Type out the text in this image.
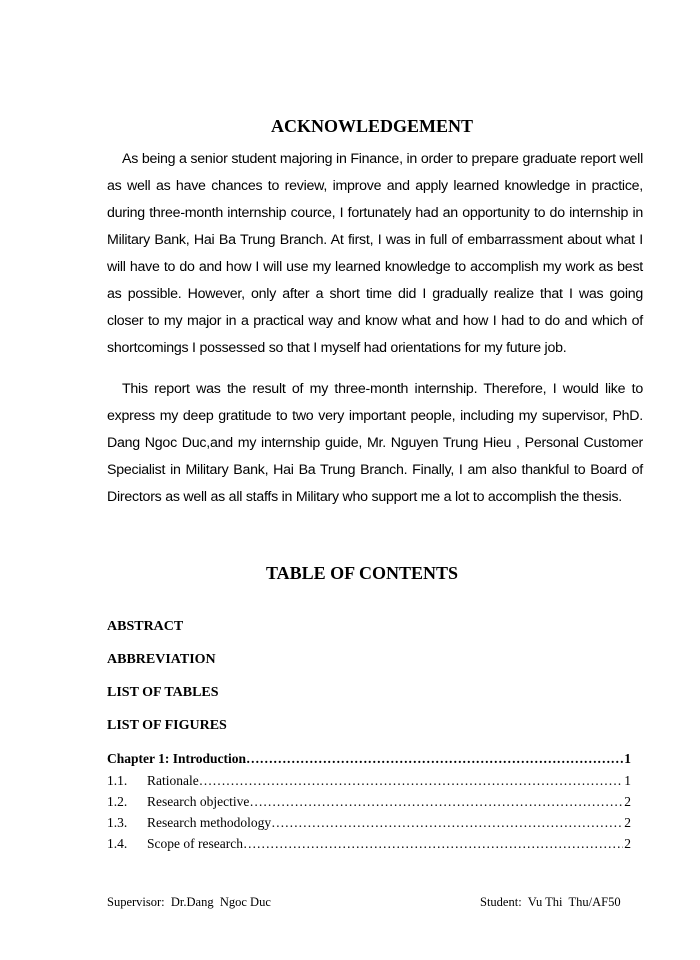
ACKNOWLEDGEMENT
As being a senior student majoring in Finance, in order to prepare graduate report well as well as have chances to review, improve and apply learned knowledge in practice, during three-month internship cource, I fortunately had an opportunity to do internship in Military Bank, Hai Ba Trung Branch. At first, I was in full of embarrassment about what I will have to do and how I will use my learned knowledge to accomplish my work as best as possible. However, only after a short time did I gradually realize that I was going closer to my major in a practical way and know what and how I had to do and which of shortcomings I possessed so that I myself had orientations for my future job.
This report was the result of my three-month internship. Therefore, I would like to express my deep gratitude to two very important people, including my supervisor, PhD. Dang Ngoc Duc,and my internship guide, Mr. Nguyen Trung Hieu , Personal Customer Specialist in Military Bank, Hai Ba Trung Branch. Finally, I am also thankful to Board of Directors as well as all staffs in Military who support me a lot to accomplish the thesis.
TABLE OF CONTENTS
ABSTRACT
ABBREVIATION
LIST OF TABLES
LIST OF FIGURES
Chapter 1: Introduction ……………………………………………………………………………………………………………………………………………………	1
1.1.	Rationale ……………………………………………………………………………………………………………………………………………………	1
1.2.	Research objective ……………………………………………………………………………………………………………………………………………………	2
1.3.	Research methodology ……………………………………………………………………………………………………………………………………………………	2
1.4.	Scope of research ……………………………………………………………………………………………………………………………………………………	2
Supervisor:  Dr.Dang  Ngoc Duc	Student:  Vu Thi  Thu/AF50
